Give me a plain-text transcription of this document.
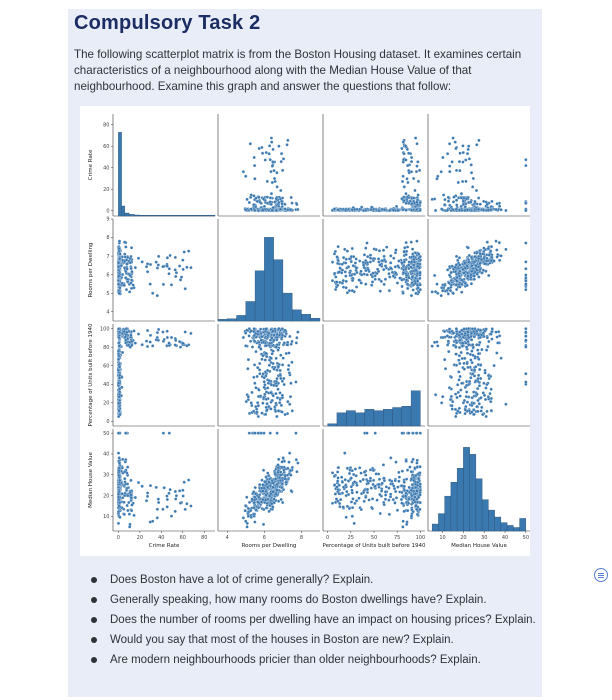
Compulsory Task 2
The following scatterplot matrix is from the Boston Housing dataset. It examines certain characteristics of a neighbourhood along with the Median House Value of that neighbourhood. Examine this graph and answer the questions that follow:
0
20
40
60
80
Crime Rate
4
5
6
7
8
9
Rooms per Dwelling
0
20
40
60
80
100
Percentage of Units built before 1940
10
20
30
40
50
Median House Value
0	20	40	60	80
Crime Rate
4	6	8
Rooms per Dwelling
0	25	50	75	100
Percentage of Units built before 1940
10	20	30	40	50
Median House Value
Does Boston have a lot of crime generally? Explain.
Generally speaking, how many rooms do Boston dwellings have? Explain.
Does the number of rooms per dwelling have an impact on housing prices? Explain.
Would you say that most of the houses in Boston are new? Explain.
Are modern neighbourhoods pricier than older neighbourhoods? Explain.
